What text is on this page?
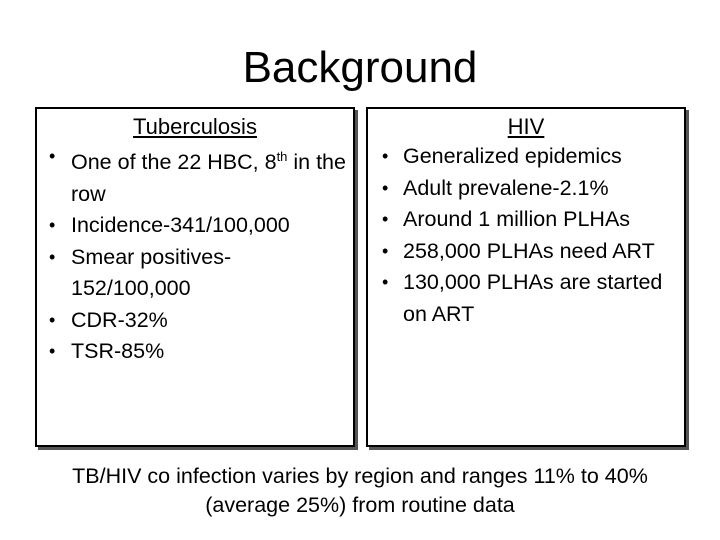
Background
Tuberculosis
• One of the 22 HBC, 8th in the row
• Incidence-341/100,000
• Smear positives-152/100,000
• CDR-32%
• TSR-85%
HIV
• Generalized epidemics
• Adult prevalene-2.1%
• Around 1 million PLHAs
• 258,000 PLHAs need ART
• 130,000 PLHAs are started on ART
TB/HIV co infection varies by region and ranges 11% to 40%
(average 25%) from routine data
